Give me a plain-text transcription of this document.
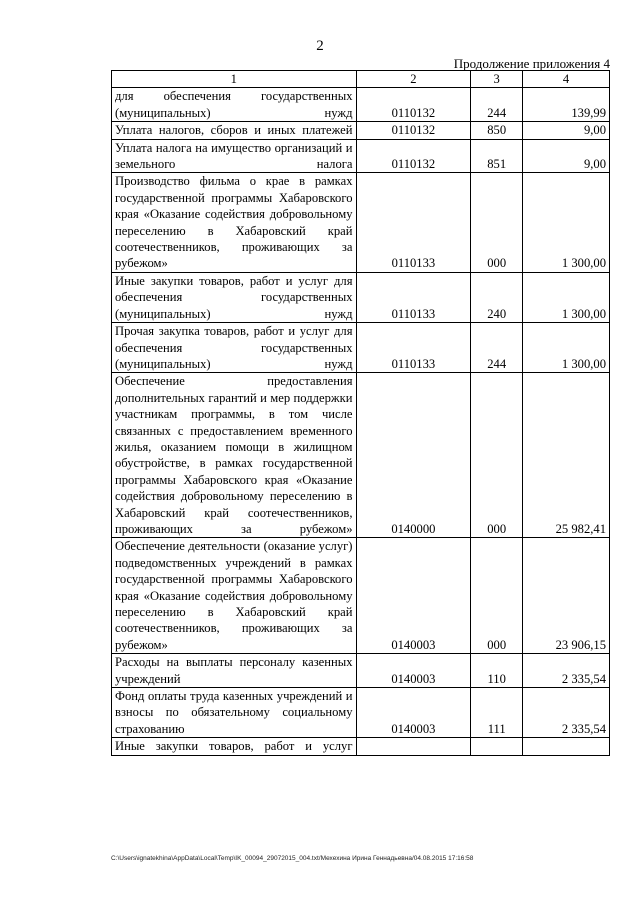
2
Продолжение приложения 4
1	2	3	4
для обеспечения государственных (муниципальных) нужд	0110132	244	139,99
Уплата налогов, сборов и иных платежей	0110132	850	9,00
Уплата налога на имущество организаций и земельного налога	0110132	851	9,00
Производство фильма о крае в рамках государственной программы Хабаровского края «Оказание содействия добровольному переселению в Хабаровский край соотечественников, проживающих за рубежом»	0110133	000	1 300,00
Иные закупки товаров, работ и услуг для обеспечения государственных (муниципальных) нужд	0110133	240	1 300,00
Прочая закупка товаров, работ и услуг для обеспечения государственных (муниципальных) нужд	0110133	244	1 300,00
Обеспечение предоставления дополнительных гарантий и мер поддержки участникам программы, в том числе связанных с предоставлением временного жилья, оказанием помощи в жилищном обустройстве, в рамках государственной программы Хабаровского края «Оказание содействия добровольному переселению в Хабаровский край соотечественников, проживающих за рубежом»	0140000	000	25 982,41
Обеспечение деятельности (оказание услуг) подведомственных учреждений в рамках государственной программы Хабаровского края «Оказание содействия добровольному переселению в Хабаровский край соотечественников, проживающих за рубежом»	0140003	000	23 906,15
Расходы на выплаты персоналу казенных учреждений	0140003	110	2 335,54
Фонд оплаты труда казенных учреждений и взносы по обязательному социальному страхованию	0140003	111	2 335,54
Иные закупки товаров, работ и услуг			
C:\Users\ignatekhina\AppData\Local\Temp\IK_00094_29072015_004.txt/Мехехина Ирина Геннадьевна/04.08.2015 17:16:58
